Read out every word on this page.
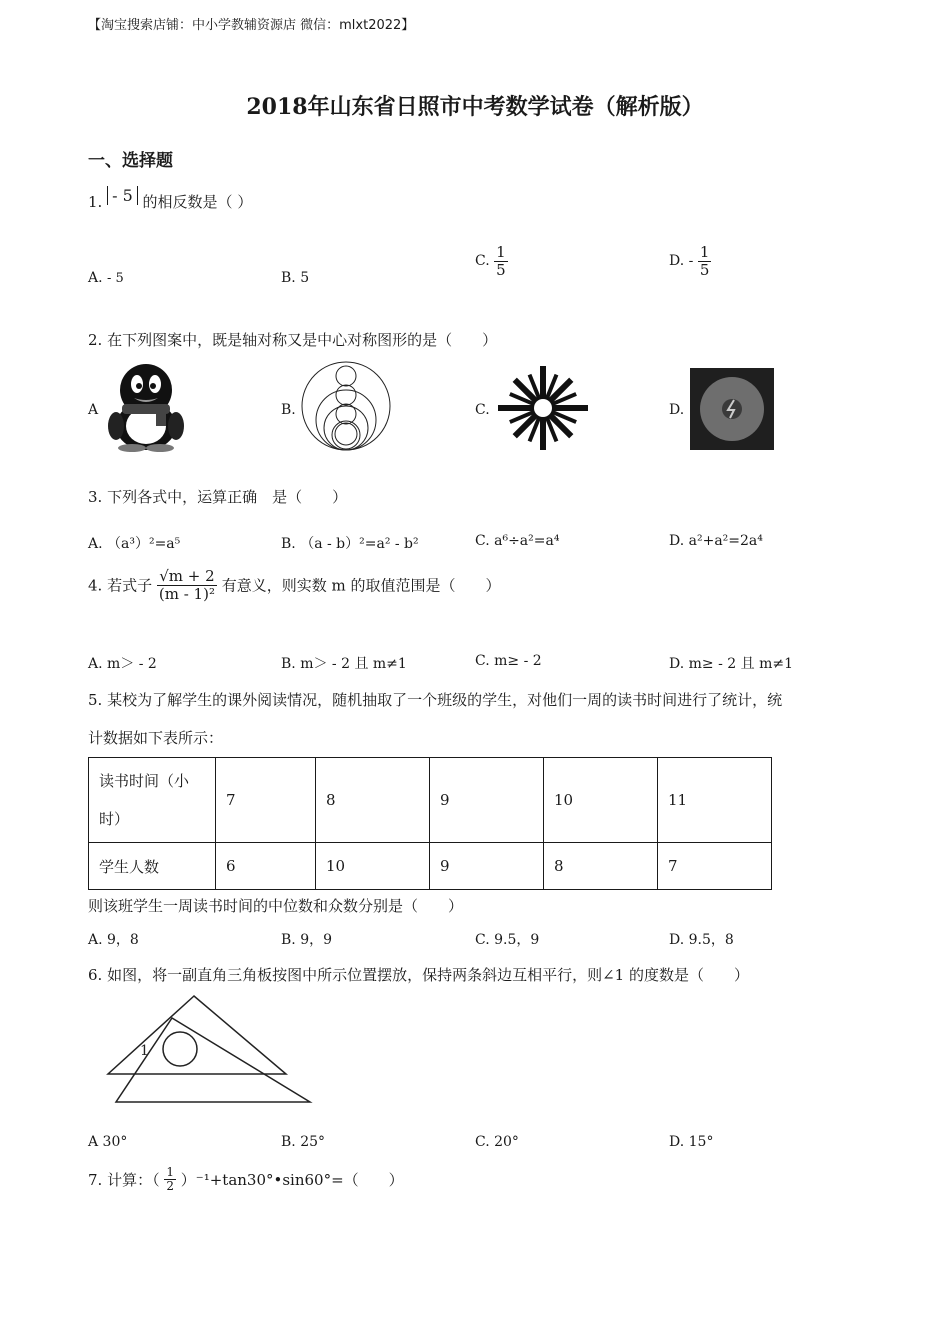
【淘宝搜索店铺：中小学教辅资源店 微信：mlxt2022】
2018年山东省日照市中考数学试卷（解析版）
一、选择题
1. - 5 的相反数是（ ）
A. - 5	B. 5
C. $\frac{1}{5}$	D. - $\frac{1}{5}$
2. 在下列图案中，既是轴对称又是中心对称图形的是（　　）
A	B.	C.	D.
3. 下列各式中，运算正确　是（　　）
A. （a³）²=a⁵	B. （a - b）²=a² - b²	C. a⁶÷a²=a⁴	D. a²+a²=2a⁴
4. 若式子 $\frac{√m + 2}{\text{(m - 1)²}}$ 有意义，则实数 m 的取值范围是（　　）
A. m＞ - 2	B. m＞ - 2 且 m≠1	C. m≥ - 2	D. m≥ - 2 且 m≠1
5. 某校为了解学生的课外阅读情况，随机抽取了一个班级的学生，对他们一周的读书时间进行了统计，统
计数据如下表所示：
读书时间（小时）	7	8	9	10	11
学生人数	6	10	9	8	7
则该班学生一周读书时间的中位数和众数分别是（　　）
A. 9，8	B. 9，9	C. 9.5，9	D. 9.5，8
6. 如图，将一副直角三角板按图中所示位置摆放，保持两条斜边互相平行，则∠1 的度数是（　　）
1
A 30°	B. 25°	C. 20°	D. 15°
7. 计算：（ $\frac{1}{2}$ ）⁻¹+tan30°•sin60°=（　　）
